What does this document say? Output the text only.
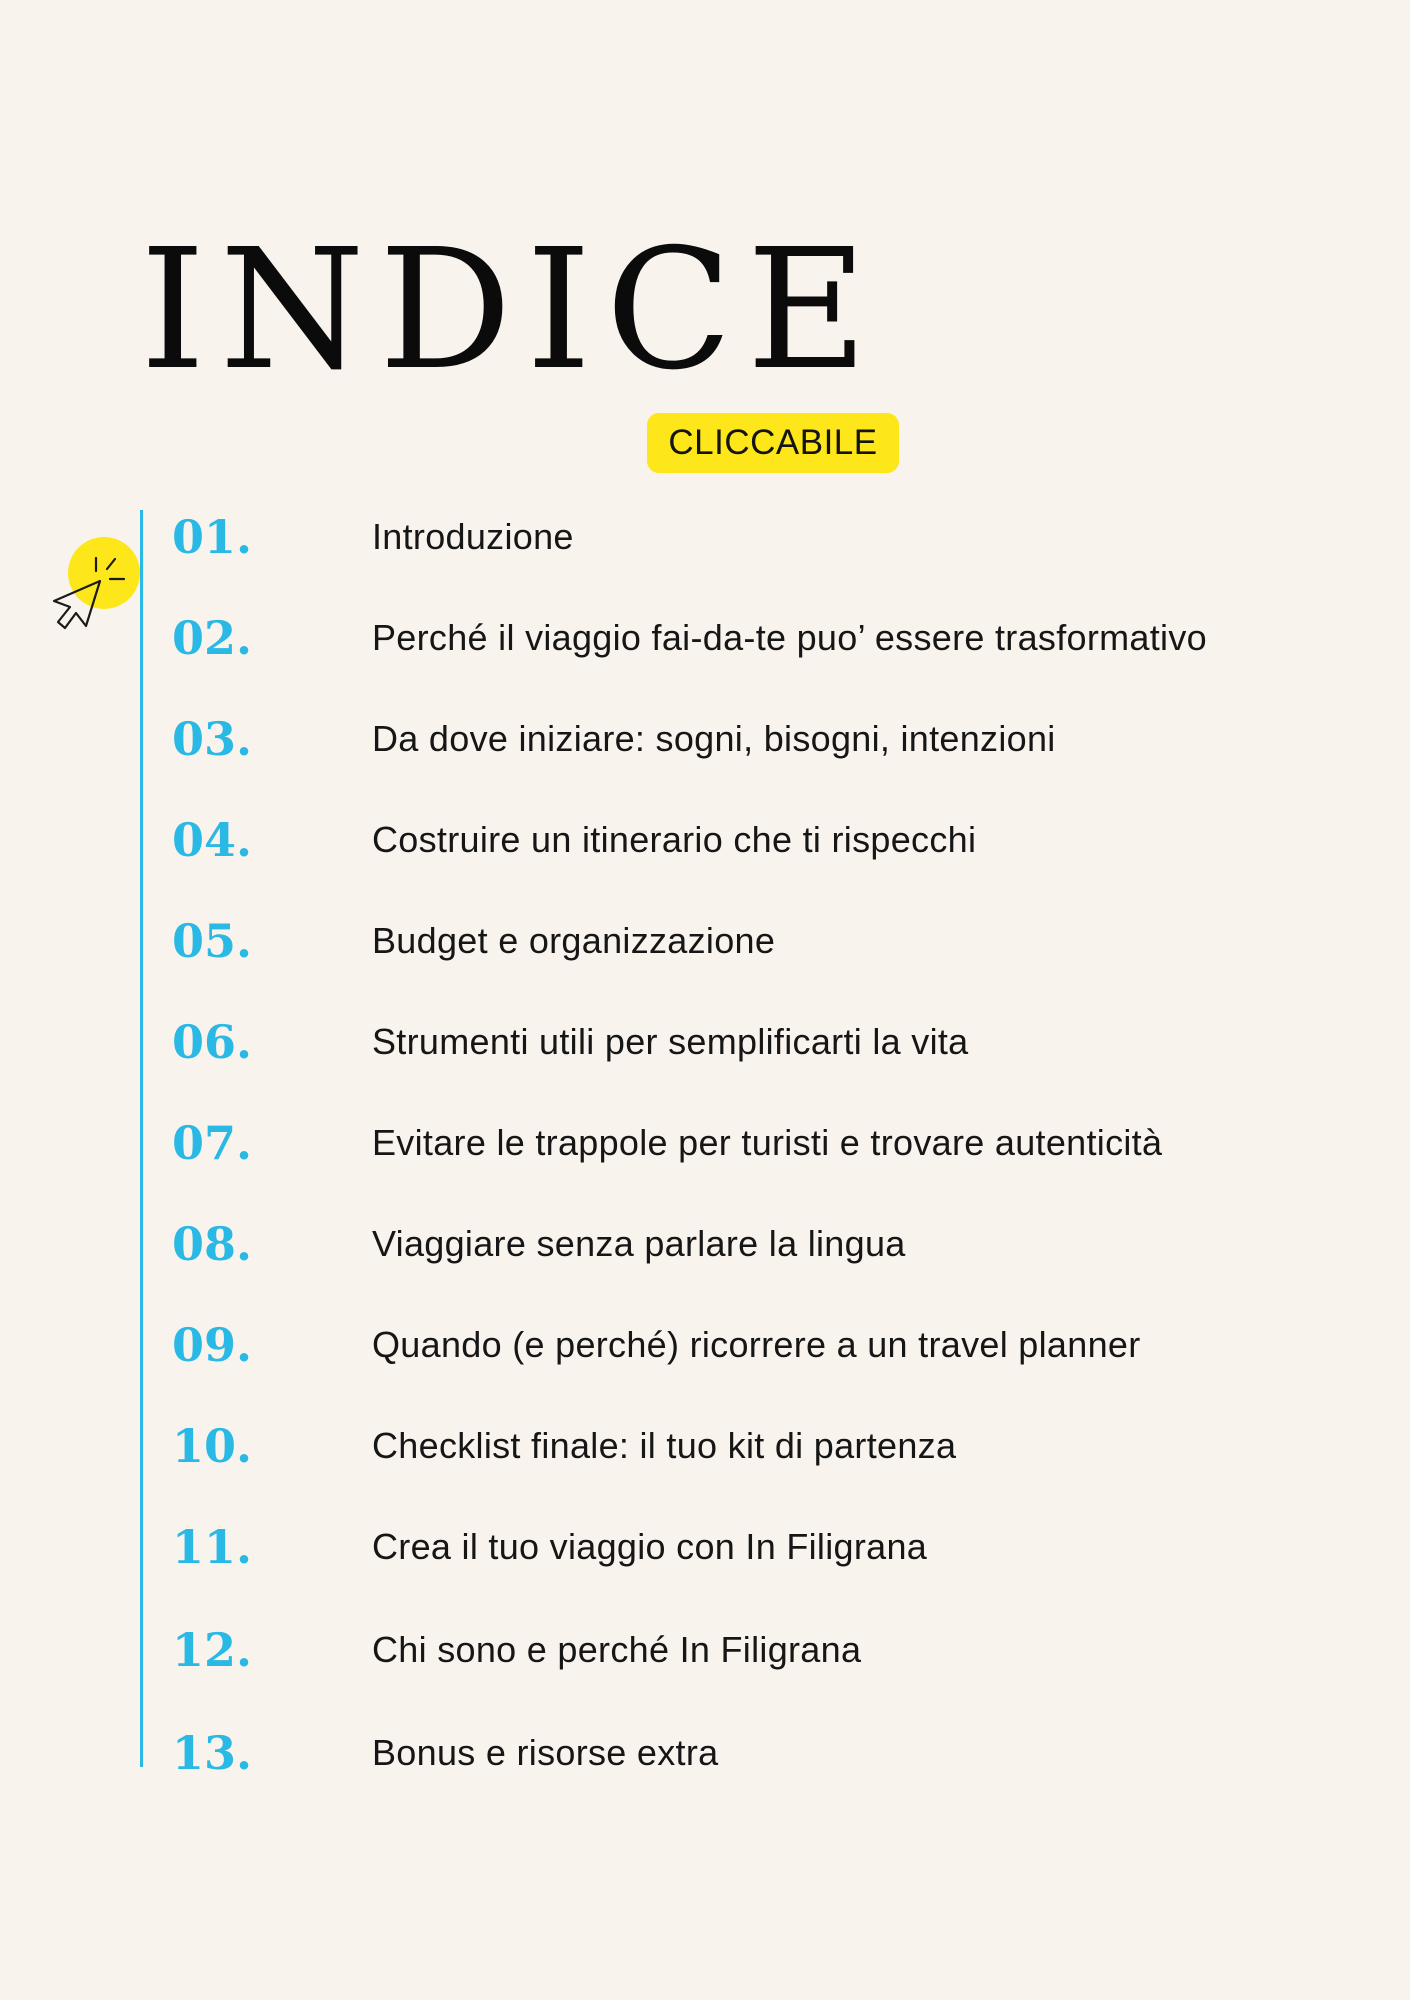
INDICE
CLICCABILE
01.	Introduzione
02.	Perché il viaggio fai-da-te puo’ essere trasformativo
03.	Da dove iniziare: sogni, bisogni, intenzioni
04.	Costruire un itinerario che ti rispecchi
05.	Budget e organizzazione
06.	Strumenti utili per semplificarti la vita
07.	Evitare le trappole per turisti e trovare autenticità
08.	Viaggiare senza parlare la lingua
09.	Quando (e perché) ricorrere a un travel planner
10.	Checklist finale: il tuo kit di partenza
11.	Crea il tuo viaggio con In Filigrana
12.	Chi sono e perché In Filigrana
13.	Bonus e risorse extra
